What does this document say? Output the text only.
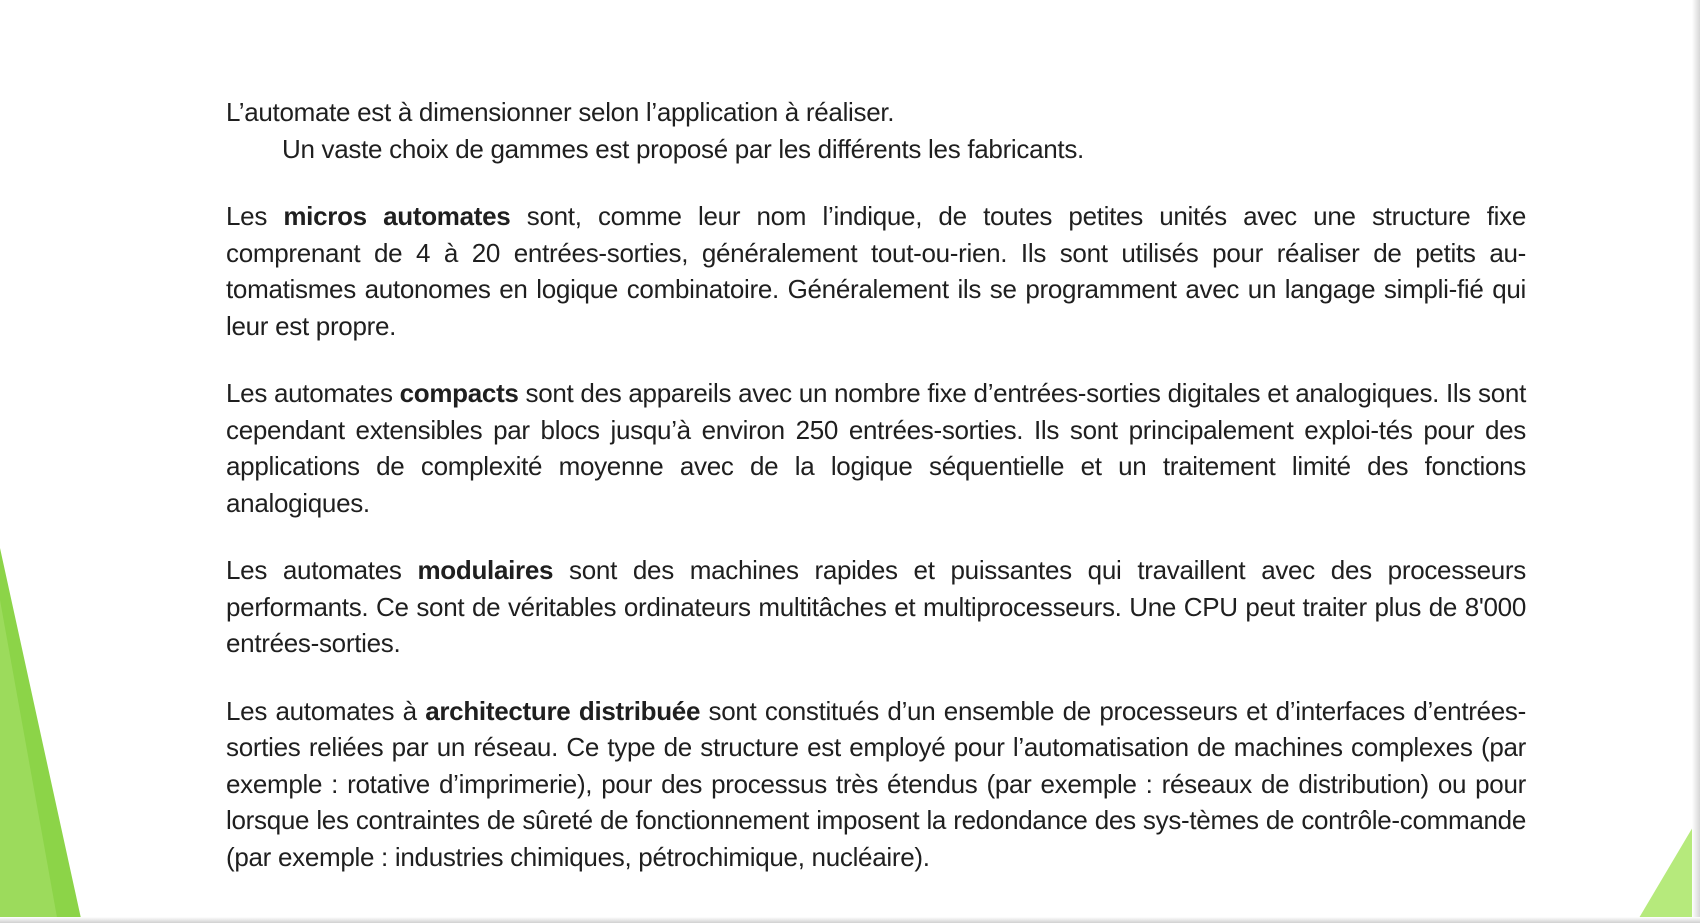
L’automate est à dimensionner selon l’application à réaliser.

Un vaste choix de gammes est proposé par les différents les fabricants.

Les micros automates sont, comme leur nom l’indique, de toutes petites unités avec une structure fixe comprenant de 4 à 20 entrées-sorties, généralement tout-ou-rien. Ils sont utilisés pour réaliser de petits au-tomatismes autonomes en logique combinatoire. Généralement ils se programment avec un langage simpli-fié qui leur est propre.

Les automates compacts sont des appareils avec un nombre fixe d’entrées-sorties digitales et analogiques. Ils sont cependant extensibles par blocs jusqu’à environ 250 entrées-sorties. Ils sont principalement exploi-tés pour des applications de complexité moyenne avec de la logique séquentielle et un traitement limité des fonctions analogiques.

Les automates modulaires sont des machines rapides et puissantes qui travaillent avec des processeurs performants. Ce sont de véritables ordinateurs multitâches et multiprocesseurs. Une CPU peut traiter plus de 8'000 entrées-sorties.

Les automates à architecture distribuée sont constitués d’un ensemble de processeurs et d’interfaces d’entrées-sorties reliées par un réseau. Ce type de structure est employé pour l’automatisation de machines complexes (par exemple : rotative d’imprimerie), pour des processus très étendus (par exemple : réseaux de distribution) ou pour lorsque les contraintes de sûreté de fonctionnement imposent la redondance des sys-tèmes de contrôle-commande (par exemple : industries chimiques, pétrochimique, nucléaire).
